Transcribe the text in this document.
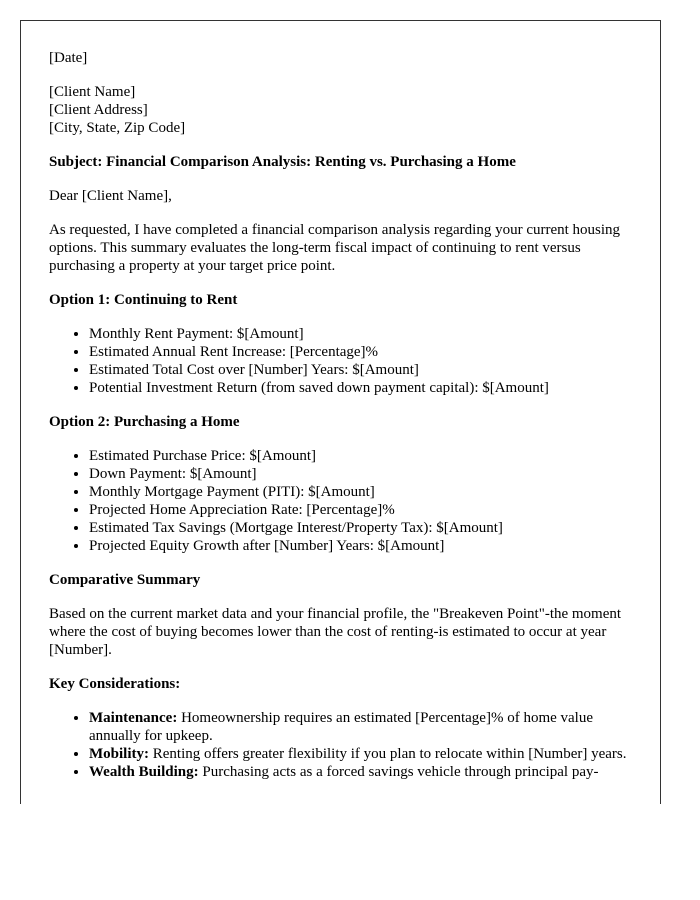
[Date]

[Client Name]
[Client Address]
[City, State, Zip Code]

Subject: Financial Comparison Analysis: Renting vs. Purchasing a Home

Dear [Client Name],

As requested, I have completed a financial comparison analysis regarding your current housing options. This summary evaluates the long-term fiscal impact of continuing to rent versus purchasing a property at your target price point.

Option 1: Continuing to Rent

• Monthly Rent Payment: $[Amount]
• Estimated Annual Rent Increase: [Percentage]%
• Estimated Total Cost over [Number] Years: $[Amount]
• Potential Investment Return (from saved down payment capital): $[Amount]

Option 2: Purchasing a Home

• Estimated Purchase Price: $[Amount]
• Down Payment: $[Amount]
• Monthly Mortgage Payment (PITI): $[Amount]
• Projected Home Appreciation Rate: [Percentage]%
• Estimated Tax Savings (Mortgage Interest/Property Tax): $[Amount]
• Projected Equity Growth after [Number] Years: $[Amount]

Comparative Summary

Based on the current market data and your financial profile, the "Breakeven Point"-the moment where the cost of buying becomes lower than the cost of renting-is estimated to occur at year [Number].

Key Considerations:

• Maintenance: Homeownership requires an estimated [Percentage]% of home value annually for upkeep.
• Mobility: Renting offers greater flexibility if you plan to relocate within [Number] years.
• Wealth Building: Purchasing acts as a forced savings vehicle through principal pay-
